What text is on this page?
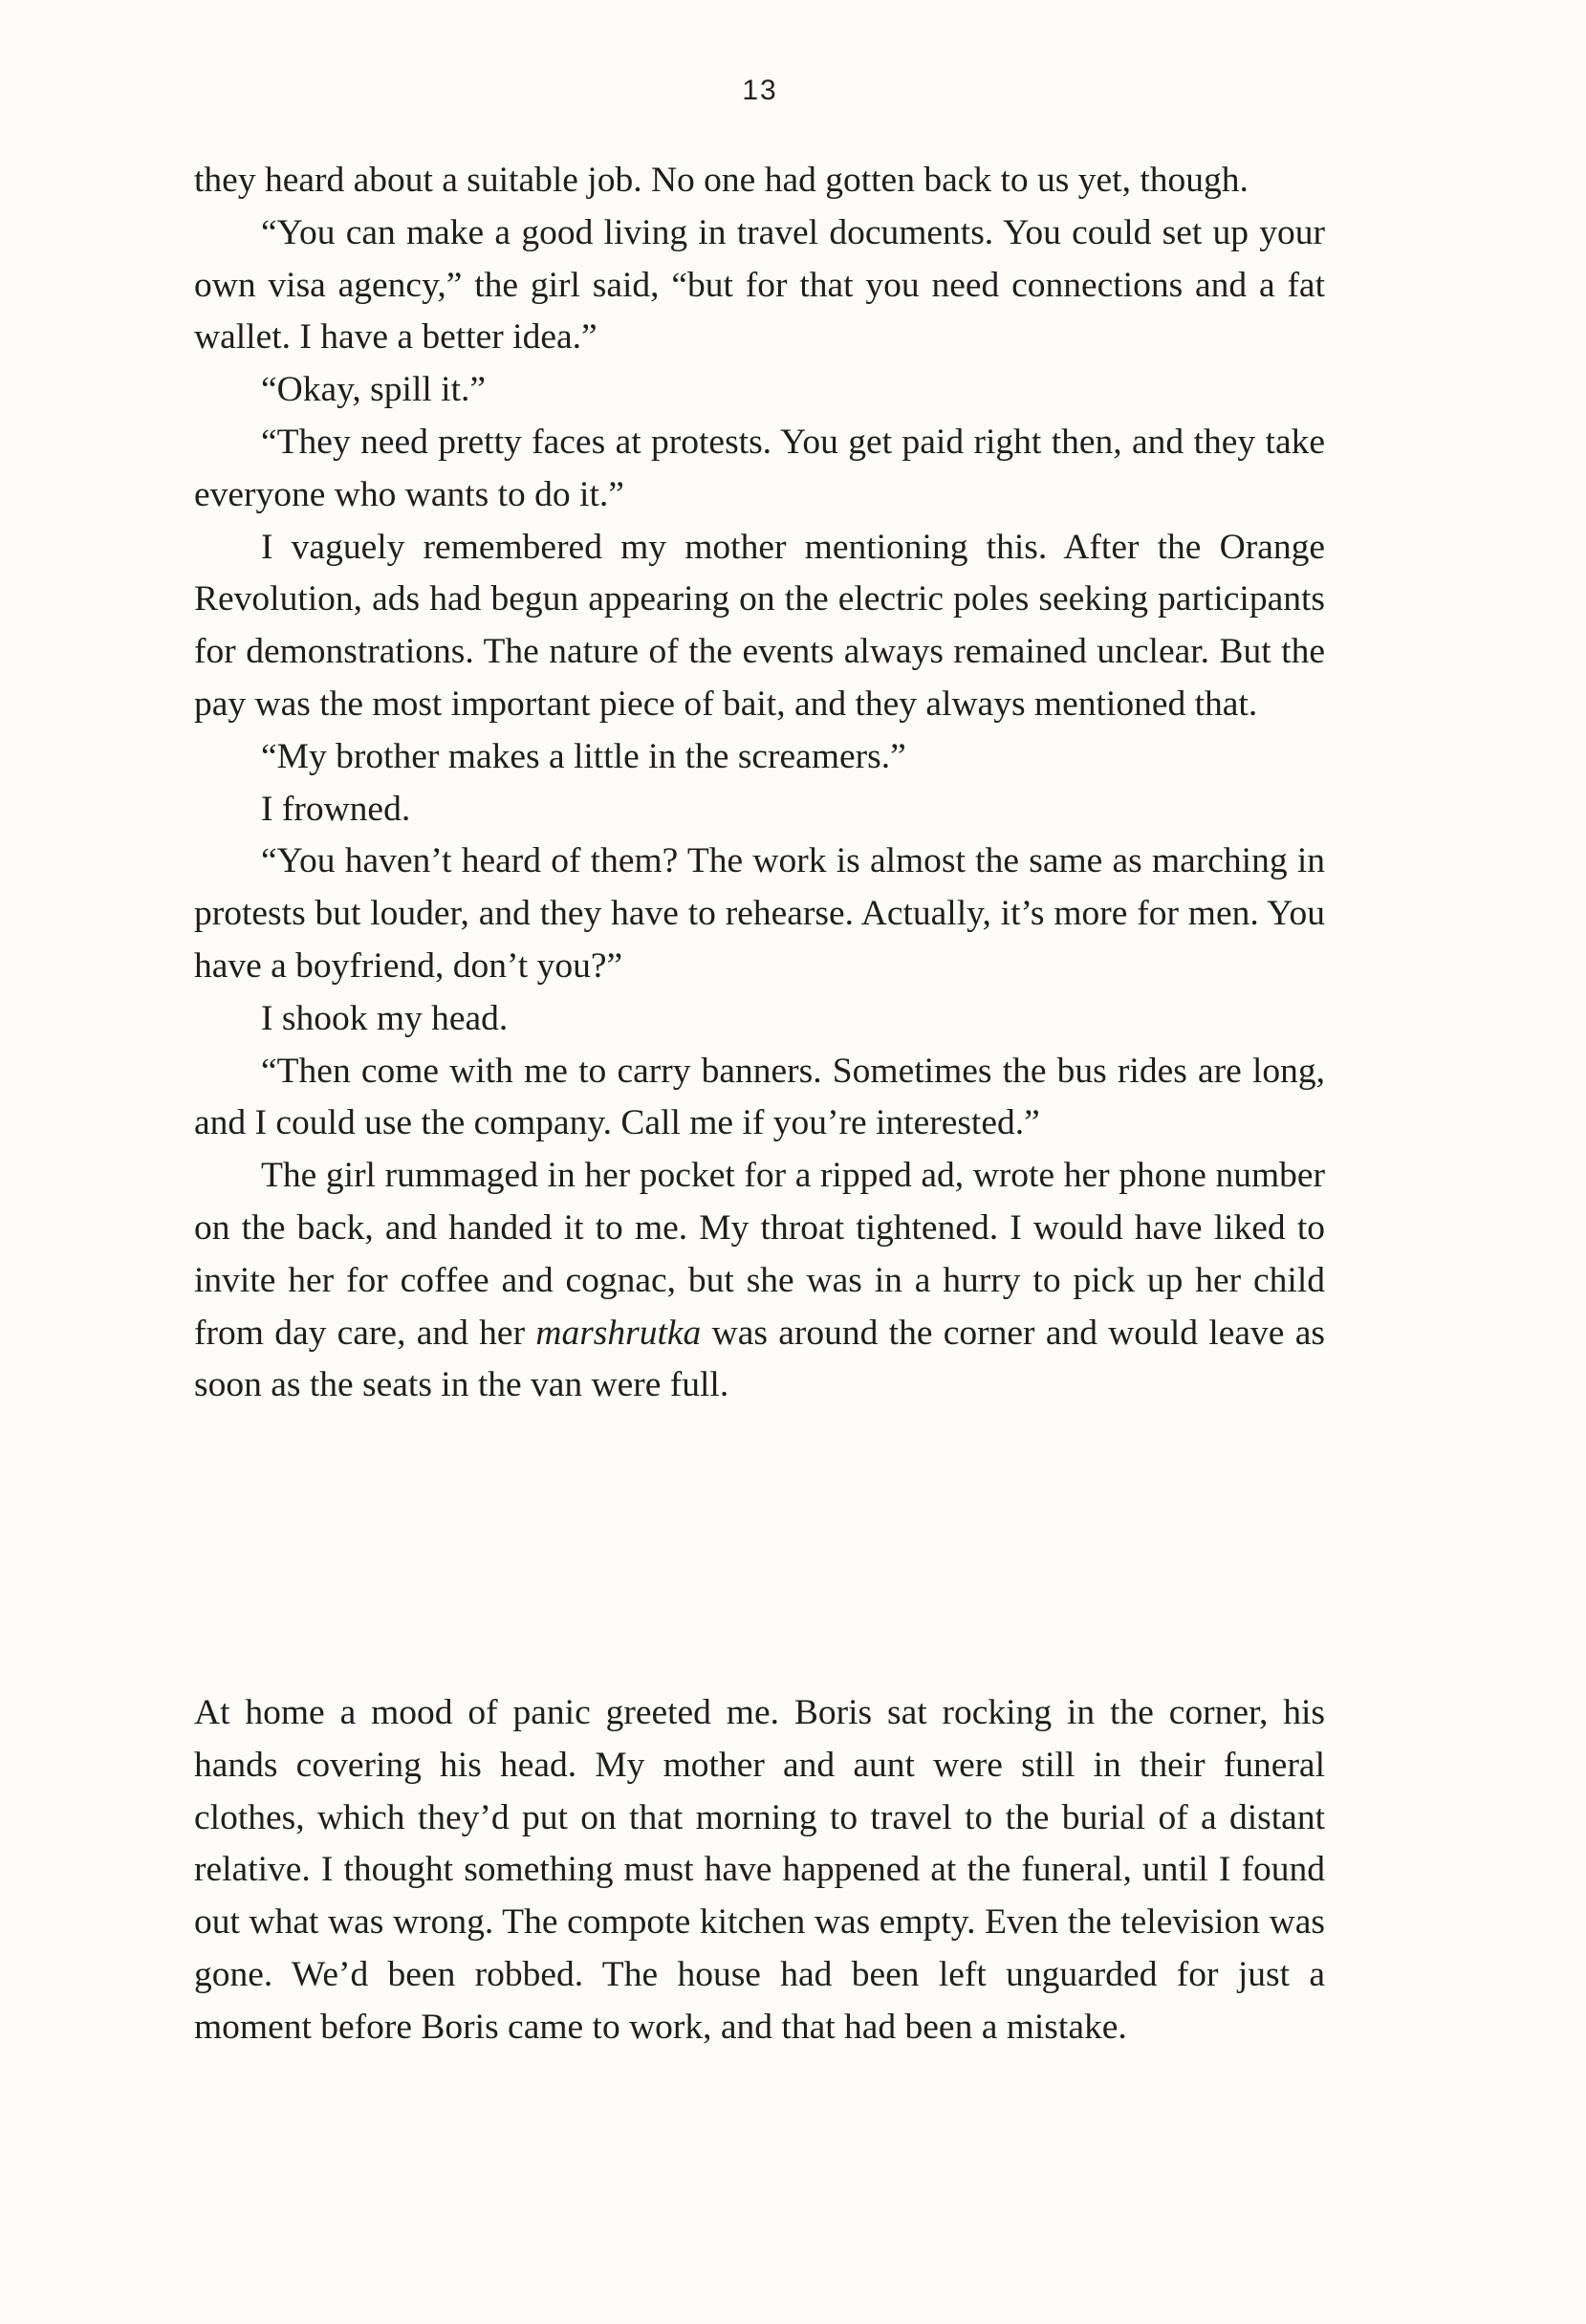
13

they heard about a suitable job. No one had gotten back to us yet, though.

“You can make a good living in travel documents. You could set up your own visa agency,” the girl said, “but for that you need connections and a fat wallet. I have a better idea.”

“Okay, spill it.”

“They need pretty faces at protests. You get paid right then, and they take everyone who wants to do it.”

I vaguely remembered my mother mentioning this. After the Orange Revolution, ads had begun appearing on the electric poles seeking participants for demonstrations. The nature of the events always remained unclear. But the pay was the most important piece of bait, and they always mentioned that.

“My brother makes a little in the screamers.”

I frowned.

“You haven’t heard of them? The work is almost the same as marching in protests but louder, and they have to rehearse. Actually, it’s more for men. You have a boyfriend, don’t you?”

I shook my head.

“Then come with me to carry banners. Sometimes the bus rides are long, and I could use the company. Call me if you’re interested.”

The girl rummaged in her pocket for a ripped ad, wrote her phone number on the back, and handed it to me. My throat tightened. I would have liked to invite her for coffee and cognac, but she was in a hurry to pick up her child from day care, and her marshrutka was around the corner and would leave as soon as the seats in the van were full.

At home a mood of panic greeted me. Boris sat rocking in the corner, his hands covering his head. My mother and aunt were still in their funeral clothes, which they’d put on that morning to travel to the burial of a distant relative. I thought something must have happened at the funeral, until I found out what was wrong. The compote kitchen was empty. Even the television was gone. We’d been robbed. The house had been left unguarded for just a moment before Boris came to work, and that had been a mistake.
